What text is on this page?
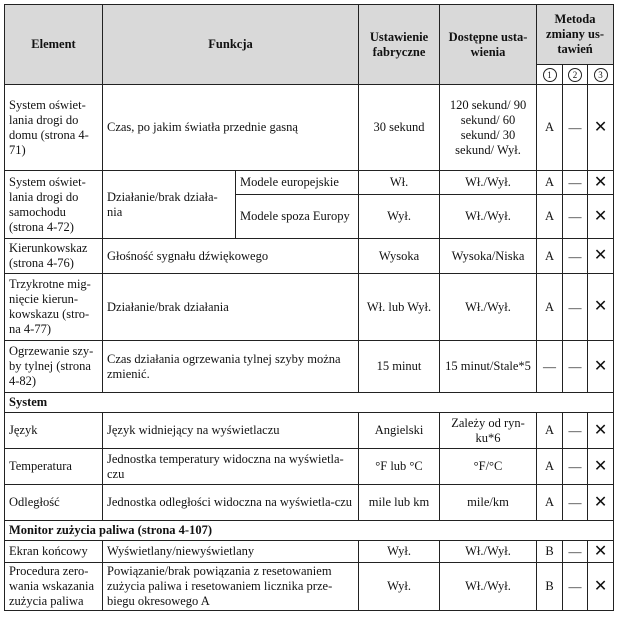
Element	Funkcja		Ustawienie fabryczne	Dostępne usta-wienia	Metoda zmiany us-tawień		
					1	2	3
System oświet-lania drogi do domu (strona 4-71)	Czas, po jakim światła przednie gasną		30 sekund	120 sekund/ 90 sekund/ 60 sekund/ 30 sekund/ Wył.	A	—	✕
System oświet-lania drogi do samochodu (strona 4-72)	Działanie/brak działa-nia	Modele europejskie	Wł.	Wł./Wył.	A	—	✕
		Modele spoza Europy	Wył.	Wł./Wył.	A	—	✕
Kierunkowskaz (strona 4-76)	Głośność sygnału dźwiękowego		Wysoka	Wysoka/Niska	A	—	✕
Trzykrotne mig-nięcie kierun-kowskazu (stro-na 4-77)	Działanie/brak działania		Wł. lub Wył.	Wł./Wył.	A	—	✕
Ogrzewanie szy-by tylnej (strona 4-82)	Czas działania ogrzewania tylnej szyby można zmienić.		15 minut	15 minut/Stale*5	—	—	✕
System							
Język	Język widniejący na wyświetlaczu		Angielski	Zależy od ryn-ku*6	A	—	✕
Temperatura	Jednostka temperatury widoczna na wyświetla-czu		°F lub °C	°F/°C	A	—	✕
Odległość	Jednostka odległości widoczna na wyświetla-czu		mile lub km	mile/km	A	—	✕
Monitor zużycia paliwa (strona 4-107)							
Ekran końcowy	Wyświetlany/niewyświetlany		Wył.	Wł./Wył.	B	—	✕
Procedura zero-wania wskazania zużycia paliwa	Powiązanie/brak powiązania z resetowaniem zużycia paliwa i resetowaniem licznika prze-biegu okresowego A		Wył.	Wł./Wył.	B	—	✕
